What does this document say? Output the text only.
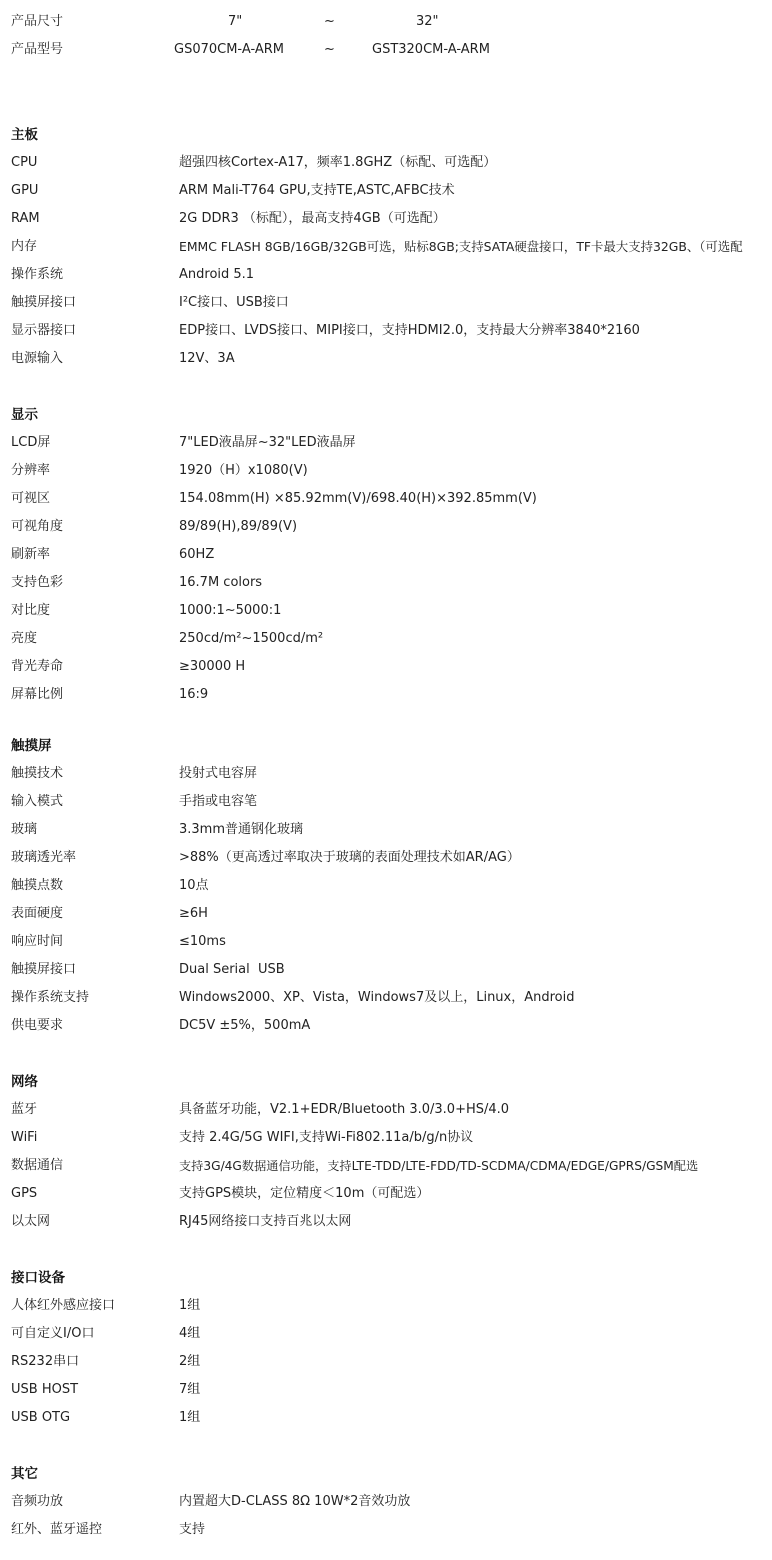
产品尺寸	7"	~	32"
产品型号	GS070CM-A-ARM	~	GST320CM-A-ARM
主板
CPU	超强四核Cortex-A17，频率1.8GHZ（标配、可选配）
GPU	ARM Mali-T764 GPU,支持TE,ASTC,AFBC技术
RAM	2G DDR3 （标配），最高支持4GB（可选配）
内存	EMMC FLASH 8GB/16GB/32GB可选，贴标8GB;支持SATA硬盘接口，TF卡最大支持32GB、（可选配
操作系统	Android 5.1
触摸屏接口	I²C接口、USB接口
显示器接口	EDP接口、LVDS接口、MIPI接口，支持HDMI2.0，支持最大分辨率3840*2160
电源输入	12V、3A
显示
LCD屏	7"LED液晶屏~32"LED液晶屏
分辨率	1920（H）x1080(V)
可视区	154.08mm(H) ×85.92mm(V)/698.40(H)×392.85mm(V)
可视角度	89/89(H),89/89(V)
刷新率	60HZ
支持色彩	16.7M colors
对比度	1000:1~5000:1
亮度	250cd/m²~1500cd/m²
背光寿命	≥30000 H
屏幕比例	16:9
触摸屏
触摸技术	投射式电容屏
输入模式	手指或电容笔
玻璃	3.3mm普通钢化玻璃
玻璃透光率	>88%（更高透过率取决于玻璃的表面处理技术如AR/AG）
触摸点数	10点
表面硬度	≥6H
响应时间	≤10ms
触摸屏接口	Dual Serial  USB
操作系统支持	Windows2000、XP、Vista，Windows7及以上，Linux，Android
供电要求	DC5V ±5%，500mA
网络
蓝牙	具备蓝牙功能，V2.1+EDR/Bluetooth 3.0/3.0+HS/4.0
WiFi	支持 2.4G/5G WIFI,支持Wi-Fi802.11a/b/g/n协议
数据通信	支持3G/4G数据通信功能，支持LTE-TDD/LTE-FDD/TD-SCDMA/CDMA/EDGE/GPRS/GSM配选
GPS	支持GPS模块，定位精度＜10m（可配选）
以太网	RJ45网络接口支持百兆以太网
接口设备
人体红外感应接口	1组
可自定义I/O口	4组
RS232串口	2组
USB HOST	7组
USB OTG	1组
其它
音频功放	内置超大D-CLASS 8Ω 10W*2音效功放
红外、蓝牙遥控	支持
